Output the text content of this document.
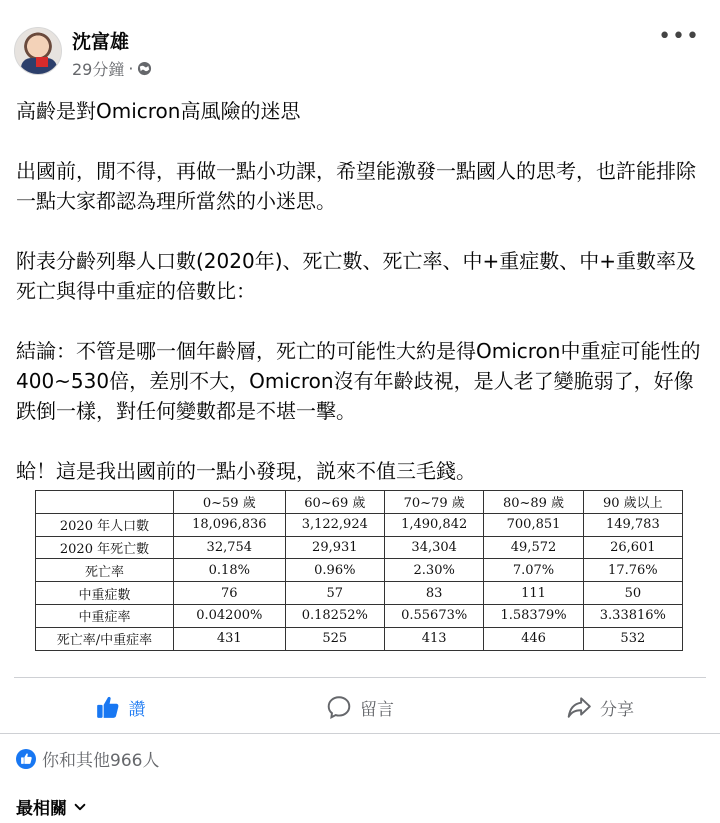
沈富雄
29分鐘 ·
•••

高齡是對Omicron高風險的迷思

出國前，閒不得，再做一點小功課，希望能激發一點國人的思考，也許能排除一點大家都認為理所當然的小迷思。

附表分齡列舉人口數(2020年)、死亡數、死亡率、中+重症數、中+重數率及死亡與得中重症的倍數比：

結論：不管是哪一個年齡層，死亡的可能性大約是得Omicron中重症可能性的400~530倍，差別不大，Omicron沒有年齡歧視，是人老了變脆弱了，好像跌倒一樣，對任何變數都是不堪一擊。

蛤！這是我出國前的一點小發現，説來不值三毛錢。

	0~59 歲	60~69 歲	70~79 歲	80~89 歲	90 歲以上
2020 年人口數	18,096,836	3,122,924	1,490,842	700,851	149,783
2020 年死亡數	32,754	29,931	34,304	49,572	26,601
死亡率	0.18%	0.96%	2.30%	7.07%	17.76%
中重症數	76	57	83	111	50
中重症率	0.04200%	0.18252%	0.55673%	1.58379%	3.33816%
死亡率/中重症率	431	525	413	446	532
讚	留言	分享
你和其他966人
最相關
